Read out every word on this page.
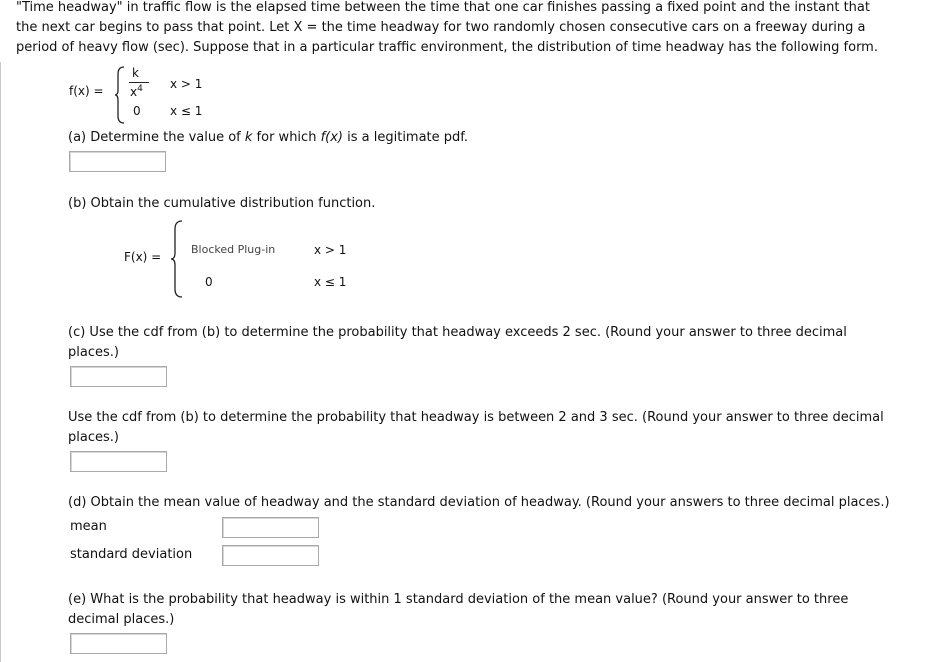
"Time headway" in traffic flow is the elapsed time between the time that one car finishes passing a fixed point and the instant that
the next car begins to pass that point. Let X = the time headway for two randomly chosen consecutive cars on a freeway during a
period of heavy flow (sec). Suppose that in a particular traffic environment, the distribution of time headway has the following form.
f(x) =
k
$x^4$ x > 1
0 x ≤ 1
(a) Determine the value of k for which f(x) is a legitimate pdf.
(b) Obtain the cumulative distribution function.
F(x) =
Blocked Plug-in	x > 1
0	x ≤ 1
(c) Use the cdf from (b) to determine the probability that headway exceeds 2 sec. (Round your answer to three decimal
places.)
Use the cdf from (b) to determine the probability that headway is between 2 and 3 sec. (Round your answer to three decimal
places.)
(d) Obtain the mean value of headway and the standard deviation of headway. (Round your answers to three decimal places.)
mean
standard deviation
(e) What is the probability that headway is within 1 standard deviation of the mean value? (Round your answer to three
decimal places.)
